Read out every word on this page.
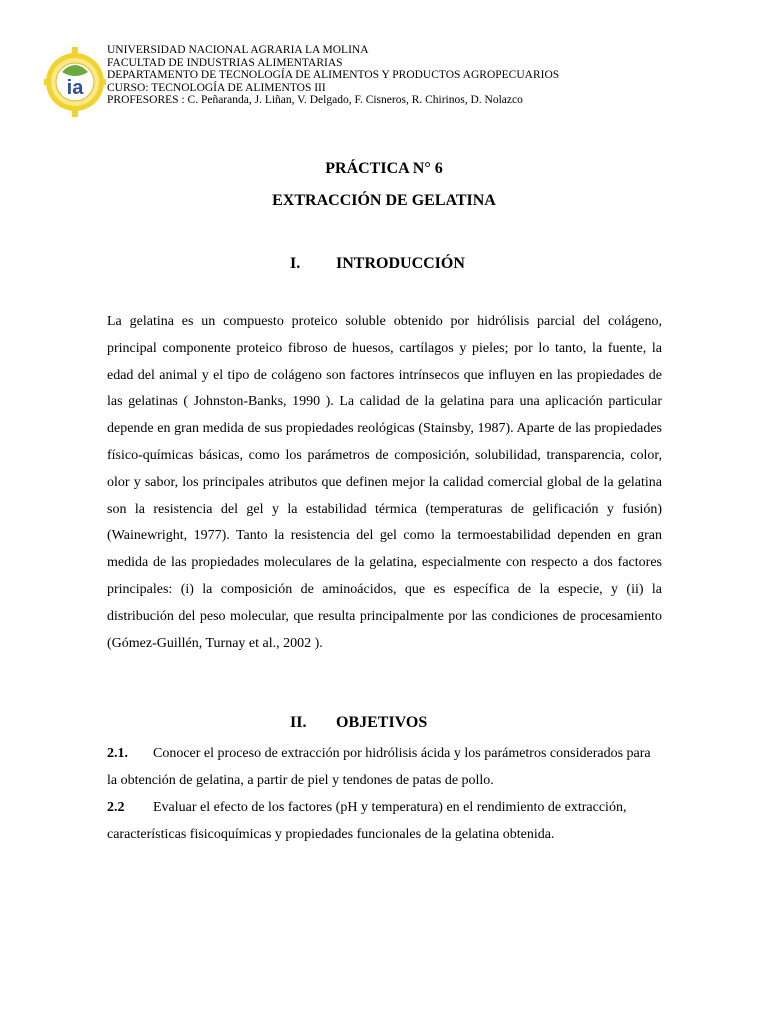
ia
UNIVERSIDAD NACIONAL AGRARIA LA MOLINA
FACULTAD DE INDUSTRIAS ALIMENTARIAS
DEPARTAMENTO DE TECNOLOGÍA DE ALIMENTOS Y PRODUCTOS AGROPECUARIOS
CURSO: TECNOLOGÍA DE ALIMENTOS III
PROFESORES : C. Peñaranda, J. Liñan, V. Delgado, F. Cisneros, R. Chirinos, D. Nolazco
PRÁCTICA N° 6
EXTRACCIÓN DE GELATINA
I. INTRODUCCIÓN
La gelatina es un compuesto proteico soluble obtenido por hidrólisis parcial del colágeno, principal componente proteico fibroso de huesos, cartílagos y pieles; por lo tanto, la fuente, la edad del animal y el tipo de colágeno son factores intrínsecos que influyen en las propiedades de las gelatinas ( Johnston-Banks, 1990 ). La calidad de la gelatina para una aplicación particular depende en gran medida de sus propiedades reológicas (Stainsby, 1987). Aparte de las propiedades físico-químicas básicas, como los parámetros de composición, solubilidad, transparencia, color, olor y sabor, los principales atributos que definen mejor la calidad comercial global de la gelatina son la resistencia del gel y la estabilidad térmica (temperaturas de gelificación y fusión) (Wainewright, 1977). Tanto la resistencia del gel como la termoestabilidad dependen en gran medida de las propiedades moleculares de la gelatina, especialmente con respecto a dos factores principales: (i) la composición de aminoácidos, que es específica de la especie, y (ii) la distribución del peso molecular, que resulta principalmente por las condiciones de procesamiento (Gómez-Guillén, Turnay et al., 2002 ).
II. OBJETIVOS
2.1. Conocer el proceso de extracción por hidrólisis ácida y los parámetros considerados para la obtención de gelatina, a partir de piel y tendones de patas de pollo.
2.2 Evaluar el efecto de los factores (pH y temperatura) en el rendimiento de extracción, características fisicoquímicas y propiedades funcionales de la gelatina obtenida.
